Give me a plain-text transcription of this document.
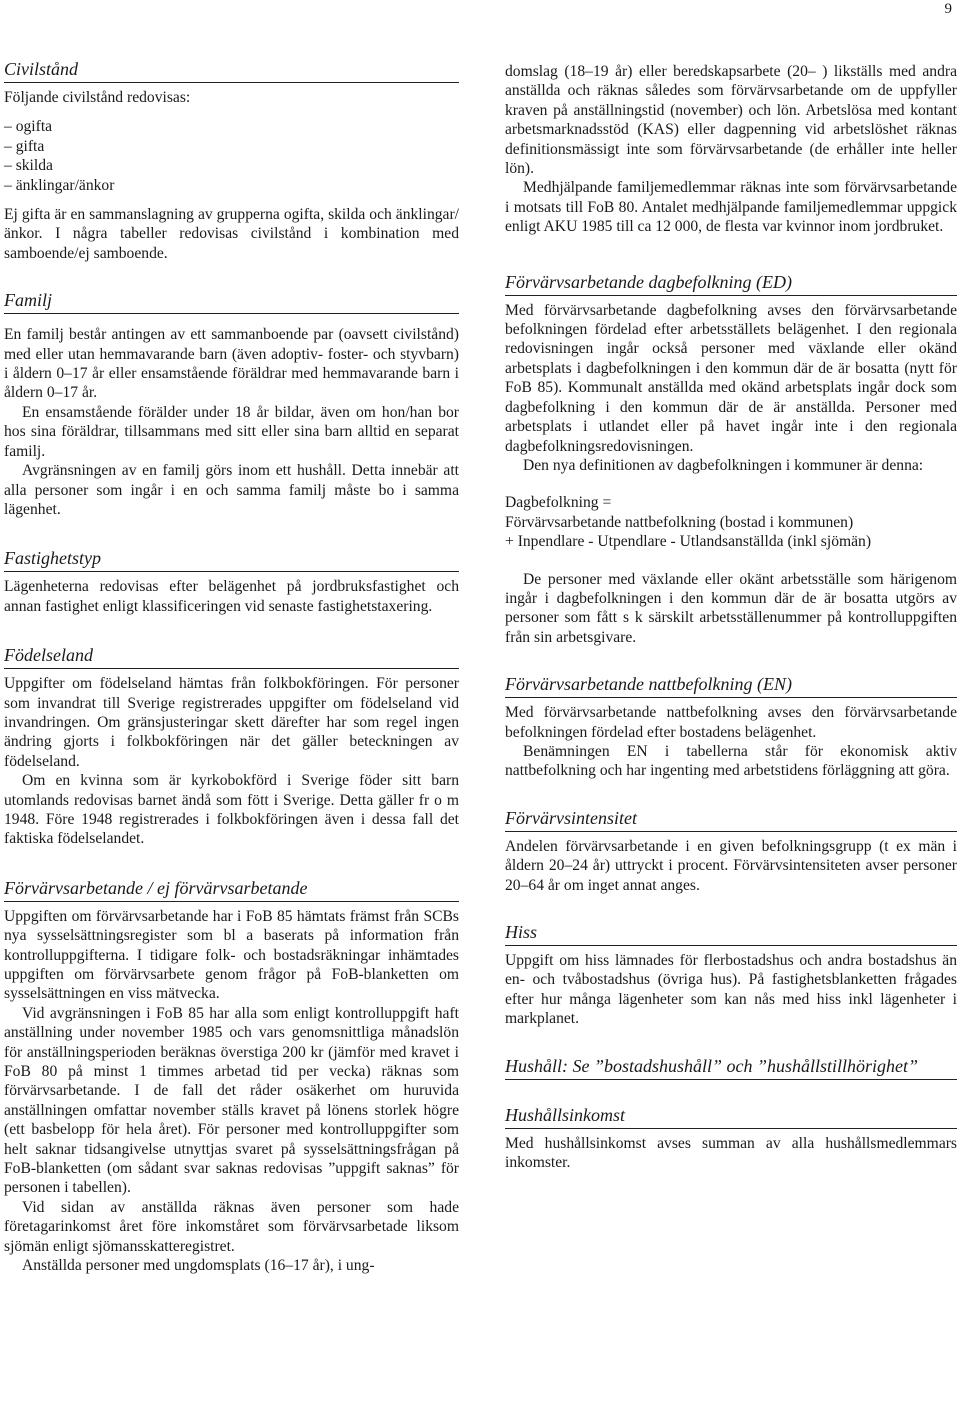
9
Civilstånd

Följande civilstånd redovisas:

– ogifta
– gifta
– skilda
– änklingar/änkor

Ej gifta är en sammanslagning av grupperna ogifta, skilda och änklingar/änkor. I några tabeller redovisas civilstånd i kombination med samboende/ej samboende.

Familj

En familj består antingen av ett sammanboende par (oavsett civilstånd) med eller utan hemmavarande barn (även adoptiv- foster- och styvbarn) i åldern 0–17 år eller ensamstående föräldrar med hemmavarande barn i åldern 0–17 år.

En ensamstående förälder under 18 år bildar, även om hon/han bor hos sina föräldrar, tillsammans med sitt eller sina barn alltid en separat familj.

Avgränsningen av en familj görs inom ett hushåll. Detta innebär att alla personer som ingår i en och samma familj måste bo i samma lägenhet.

Fastighetstyp

Lägenheterna redovisas efter belägenhet på jordbruksfastighet och annan fastighet enligt klassificeringen vid senaste fastighetstaxering.

Födelseland

Uppgifter om födelseland hämtas från folkbokföringen. För personer som invandrat till Sverige registrerades uppgifter om födelseland vid invandringen. Om gränsjusteringar skett därefter har som regel ingen ändring gjorts i folkbokföringen när det gäller beteckningen av födelseland.

Om en kvinna som är kyrkobokförd i Sverige föder sitt barn utomlands redovisas barnet ändå som fött i Sverige. Detta gäller fr o m 1948. Före 1948 registrerades i folkbokföringen även i dessa fall det faktiska födelselandet.

Förvärvsarbetande / ej förvärvsarbetande

Uppgiften om förvärvsarbetande har i FoB 85 hämtats främst från SCBs nya sysselsättningsregister som bl a baserats på information från kontrolluppgifterna. I tidigare folk- och bostadsräkningar inhämtades uppgiften om förvärvsarbete genom frågor på FoB-blanketten om sysselsättningen en viss mätvecka.

Vid avgränsningen i FoB 85 har alla som enligt kontrolluppgift haft anställning under november 1985 och vars genomsnittliga månadslön för anställningsperioden beräknas överstiga 200 kr (jämför med kravet i FoB 80 på minst 1 timmes arbetad tid per vecka) räknas som förvärvsarbetande. I de fall det råder osäkerhet om huruvida anställningen omfattar november ställs kravet på lönens storlek högre (ett basbelopp för hela året). För personer med kontrolluppgifter som helt saknar tidsangivelse utnyttjas svaret på sysselsättningsfrågan på FoB-blanketten (om sådant svar saknas redovisas ”uppgift saknas” för personen i tabellen).

Vid sidan av anställda räknas även personer som hade företagarinkomst året före inkomståret som förvärvsarbetade liksom sjömän enligt sjömansskatteregistret.

Anställda personer med ungdomsplats (16–17 år), i ung-

domslag (18–19 år) eller beredskapsarbete (20– ) likställs med andra anställda och räknas således som förvärvsarbetande om de uppfyller kraven på anställningstid (november) och lön. Arbetslösa med kontant arbetsmarknadsstöd (KAS) eller dagpenning vid arbetslöshet räknas definitionsmässigt inte som förvärvsarbetande (de erhåller inte heller lön).

Medhjälpande familjemedlemmar räknas inte som förvärvsarbetande i motsats till FoB 80. Antalet medhjälpande familjemedlemmar uppgick enligt AKU 1985 till ca 12 000, de flesta var kvinnor inom jordbruket.

Förvärvsarbetande dagbefolkning (ED)

Med förvärvsarbetande dagbefolkning avses den förvärvsarbetande befolkningen fördelad efter arbetsställets belägenhet. I den regionala redovisningen ingår också personer med växlande eller okänd arbetsplats i dagbefolkningen i den kommun där de är bosatta (nytt för FoB 85). Kommunalt anställda med okänd arbetsplats ingår dock som dagbefolkning i den kommun där de är anställda. Personer med arbetsplats i utlandet eller på havet ingår inte i den regionala dagbefolkningsredovisningen.

Den nya definitionen av dagbefolkningen i kommuner är denna:

Dagbefolkning =

Förvärvsarbetande nattbefolkning (bostad i kommunen)

+ Inpendlare - Utpendlare - Utlandsanställda (inkl sjömän)

De personer med växlande eller okänt arbetsställe som härigenom ingår i dagbefolkningen i den kommun där de är bosatta utgörs av personer som fått s k särskilt arbetsställenummer på kontrolluppgiften från sin arbetsgivare.

Förvärvsarbetande nattbefolkning (EN)

Med förvärvsarbetande nattbefolkning avses den förvärvsarbetande befolkningen fördelad efter bostadens belägenhet.

Benämningen EN i tabellerna står för ekonomisk aktiv nattbefolkning och har ingenting med arbetstidens förläggning att göra.

Förvärvsintensitet

Andelen förvärvsarbetande i en given befolkningsgrupp (t ex män i åldern 20–24 år) uttryckt i procent. Förvärvsintensiteten avser personer 20–64 år om inget annat anges.

Hiss

Uppgift om hiss lämnades för flerbostadshus och andra bostadshus än en- och tvåbostadshus (övriga hus). På fastighetsblanketten frågades efter hur många lägenheter som kan nås med hiss inkl lägenheter i markplanet.

Hushåll: Se ”bostadshushåll” och ”hushållstillhörighet”
Hushållsinkomst

Med hushållsinkomst avses summan av alla hushållsmedlemmars inkomster.
